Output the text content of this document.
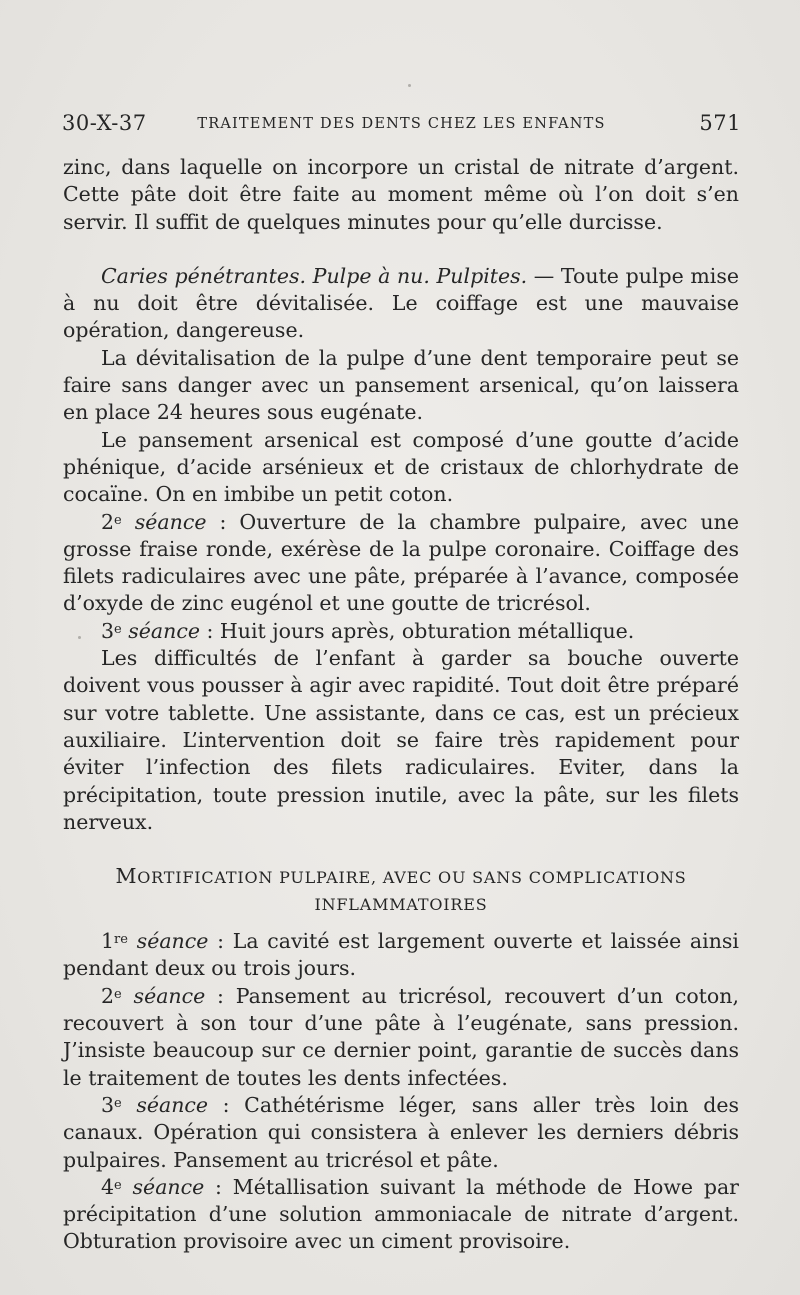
30-X-37	TRAITEMENT DES DENTS CHEZ LES ENFANTS	571

zinc, dans laquelle on incorpore un cristal de nitrate d’argent. Cette pâte doit être faite au moment même où l’on doit s’en servir. Il suffit de quelques minutes pour qu’elle durcisse.

Caries pénétrantes. Pulpe à nu. Pulpites. — Toute pulpe mise à nu doit être dévitalisée. Le coiffage est une mauvaise opération, dangereuse.

La dévitalisation de la pulpe d’une dent temporaire peut se faire sans danger avec un pansement arsenical, qu’on laissera en place 24 heures sous eugénate.

Le pansement arsenical est composé d’une goutte d’acide phénique, d’acide arsénieux et de cristaux de chlorhydrate de cocaïne. On en imbibe un petit coton.

2e séance : Ouverture de la chambre pulpaire, avec une grosse fraise ronde, exérèse de la pulpe coronaire. Coiffage des filets radiculaires avec une pâte, préparée à l’avance, composée d’oxyde de zinc eugénol et une goutte de tricrésol.

3e séance : Huit jours après, obturation métallique.

Les difficultés de l’enfant à garder sa bouche ouverte doivent vous pousser à agir avec rapidité. Tout doit être préparé sur votre tablette. Une assistante, dans ce cas, est un précieux auxiliaire. L’intervention doit se faire très rapidement pour éviter l’infection des filets radiculaires. Eviter, dans la précipitation, toute pression inutile, avec la pâte, sur les filets nerveux.

MORTIFICATION PULPAIRE, AVEC OU SANS COMPLICATIONS
INFLAMMATOIRES

1re séance : La cavité est largement ouverte et laissée ainsi pendant deux ou trois jours.

2e séance : Pansement au tricrésol, recouvert d’un coton, recouvert à son tour d’une pâte à l’eugénate, sans pression. J’insiste beaucoup sur ce dernier point, garantie de succès dans le traitement de toutes les dents infectées.

3e séance : Cathétérisme léger, sans aller très loin des canaux. Opération qui consistera à enlever les derniers débris pulpaires. Pansement au tricrésol et pâte.

4e séance : Métallisation suivant la méthode de Howe par précipitation d’une solution ammoniacale de nitrate d’argent. Obturation provisoire avec un ciment provisoire.
